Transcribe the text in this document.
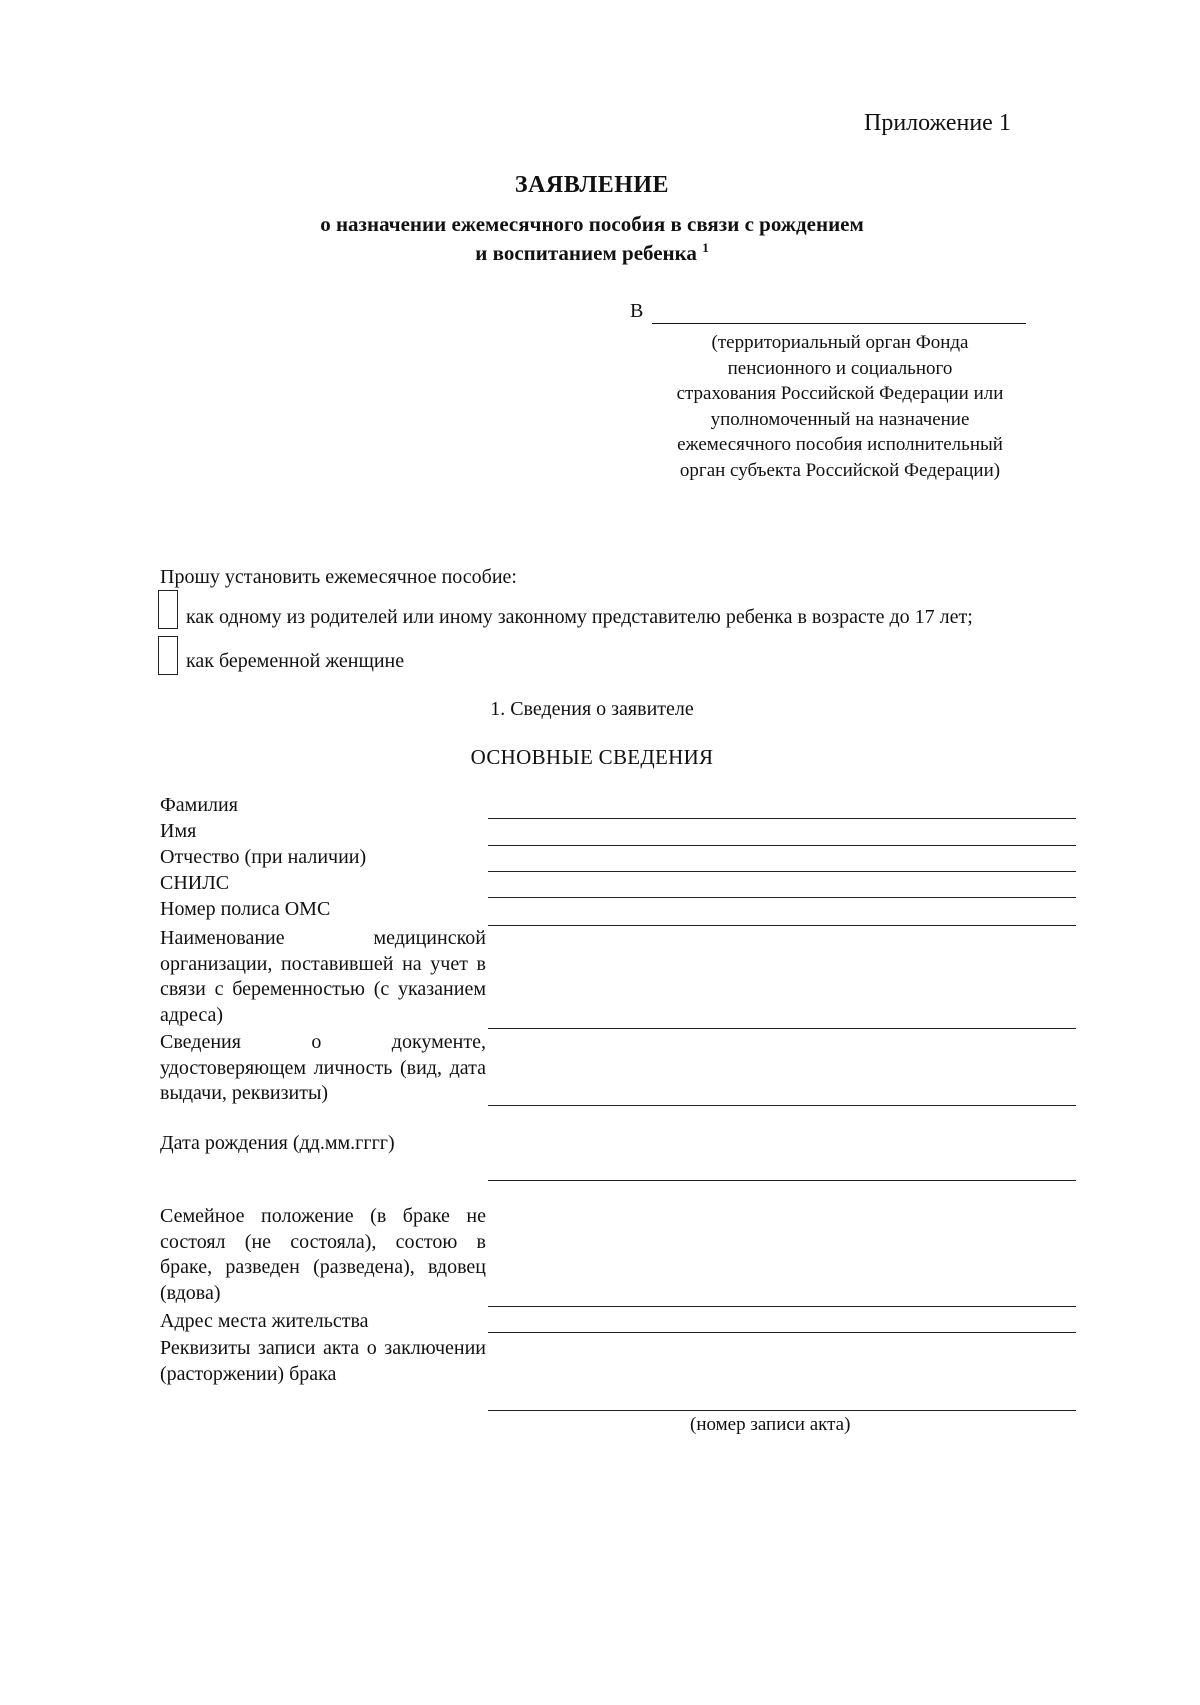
Приложение 1
ЗАЯВЛЕНИЕ
о назначении ежемесячного пособия в связи с рождением
и воспитанием ребенка $^1$
В
(территориальный орган Фонда пенсионного и социального страхования Российской Федерации или уполномоченный на назначение ежемесячного пособия исполнительный орган субъекта Российской Федерации)
Прошу установить ежемесячное пособие:
как одному из родителей или иному законному представителю ребенка в возрасте до 17 лет;
как беременной женщине
1. Сведения о заявителе
ОСНОВНЫЕ СВЕДЕНИЯ
Фамилия
Имя
Отчество (при наличии)
СНИЛС
Номер полиса ОМС
Наименование медицинской организации, поставившей на учет в связи с беременностью (с указанием адреса)
Сведения о документе, удостоверяющем личность (вид, дата выдачи, реквизиты)
Дата рождения (дд.мм.гггг)
Семейное положение (в браке не состоял (не состояла), состою в браке, разведен (разведена), вдовец (вдова)
Адрес места жительства
Реквизиты записи акта о заключении (расторжении) брака
(номер записи акта)
